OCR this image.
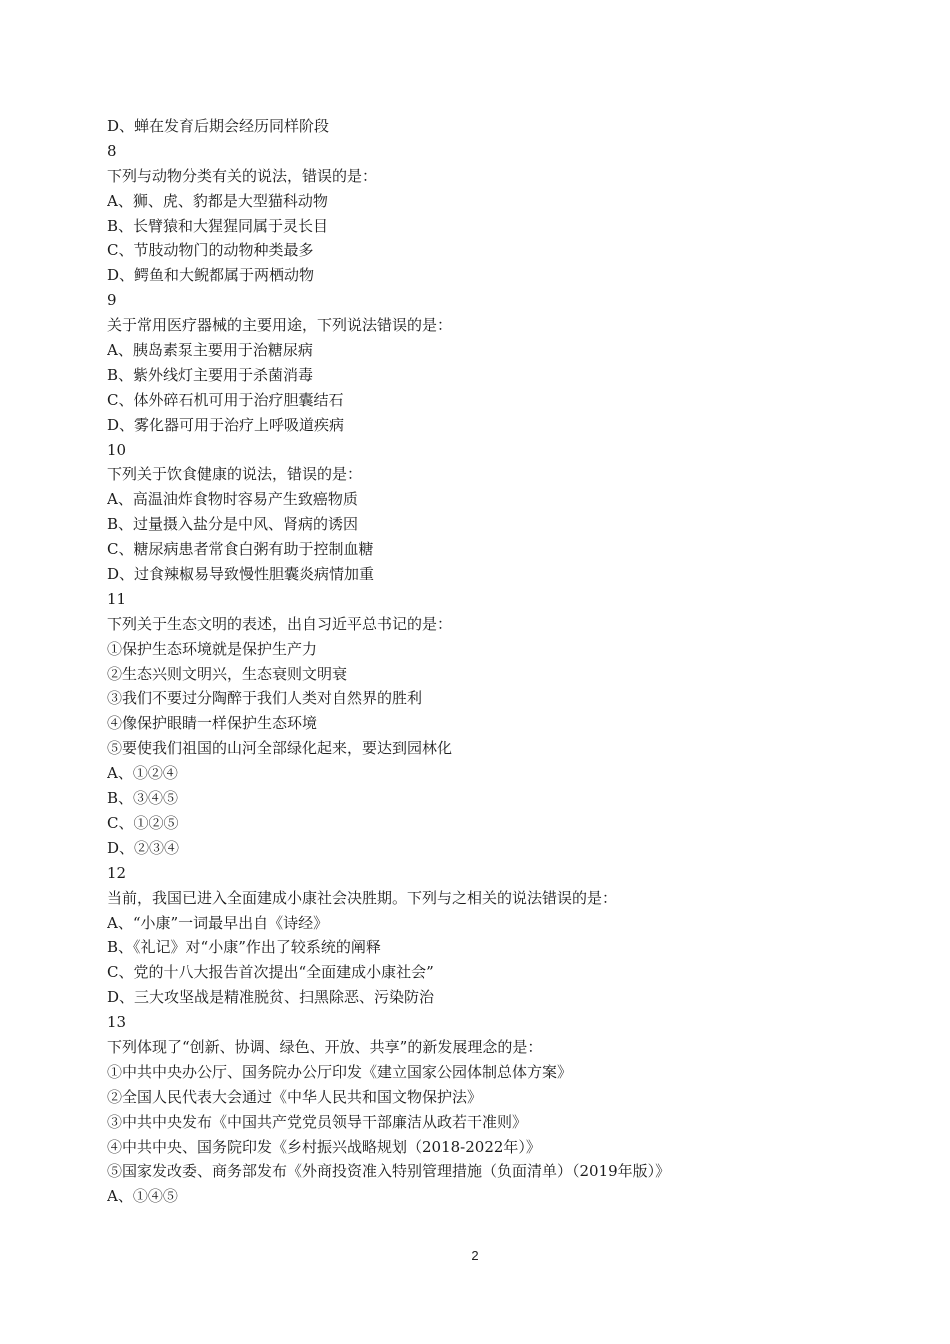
D、蝉在发育后期会经历同样阶段
8
下列与动物分类有关的说法，错误的是：
A、狮、虎、豹都是大型猫科动物
B、长臂猿和大猩猩同属于灵长目
C、节肢动物门的动物种类最多
D、鳄鱼和大鲵都属于两栖动物
9
关于常用医疗器械的主要用途，下列说法错误的是：
A、胰岛素泵主要用于治糖尿病
B、紫外线灯主要用于杀菌消毒
C、体外碎石机可用于治疗胆囊结石
D、雾化器可用于治疗上呼吸道疾病
10
下列关于饮食健康的说法，错误的是：
A、高温油炸食物时容易产生致癌物质
B、过量摄入盐分是中风、肾病的诱因
C、糖尿病患者常食白粥有助于控制血糖
D、过食辣椒易导致慢性胆囊炎病情加重
11
下列关于生态文明的表述，出自习近平总书记的是：
①保护生态环境就是保护生产力
②生态兴则文明兴，生态衰则文明衰
③我们不要过分陶醉于我们人类对自然界的胜利
④像保护眼睛一样保护生态环境
⑤要使我们祖国的山河全部绿化起来，要达到园林化
A、①②④
B、③④⑤
C、①②⑤
D、②③④
12
当前，我国已进入全面建成小康社会决胜期。下列与之相关的说法错误的是：
A、“小康”一词最早出自《诗经》
B、《礼记》对“小康”作出了较系统的阐释
C、党的十八大报告首次提出“全面建成小康社会”
D、三大攻坚战是精准脱贫、扫黑除恶、污染防治
13
下列体现了“创新、协调、绿色、开放、共享”的新发展理念的是：
①中共中央办公厅、国务院办公厅印发《建立国家公园体制总体方案》
②全国人民代表大会通过《中华人民共和国文物保护法》
③中共中央发布《中国共产党党员领导干部廉洁从政若干准则》
④中共中央、国务院印发《乡村振兴战略规划（2018-2022年）》
⑤国家发改委、商务部发布《外商投资准入特别管理措施（负面清单）（2019年版）》
A、①④⑤
2
